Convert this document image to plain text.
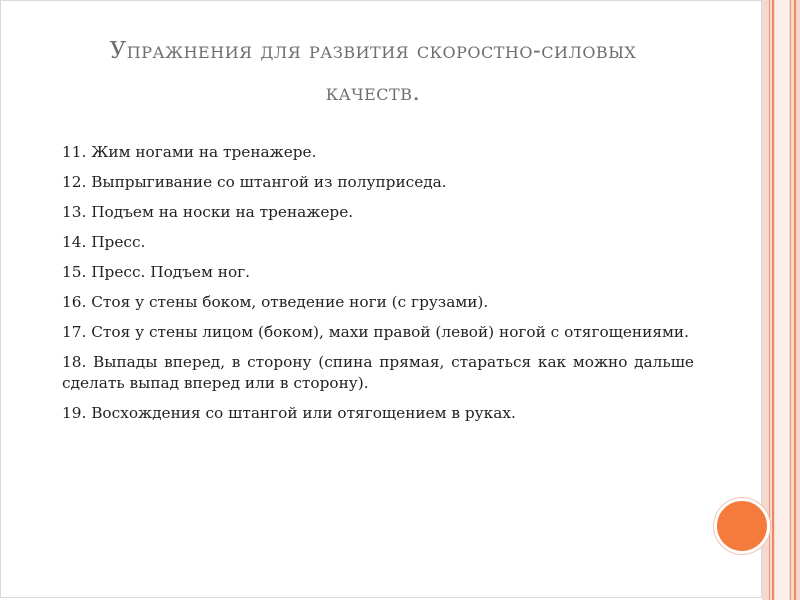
Упражнения для развития скоростно-силовых качеств.
11. Жим ногами на тренажере.
12. Выпрыгивание со штангой из полуприседа.
13. Подъем на носки на тренажере.
14. Пресс.
15. Пресс. Подъем ног.
16. Стоя у стены боком, отведение ноги (с грузами).
17. Стоя у стены лицом (боком), махи правой (левой) ногой с отягощениями.
18. Выпады вперед, в сторону (спина прямая, стараться как можно дальше сделать выпад вперед или в сторону).
19. Восхождения со штангой или отягощением в руках.
